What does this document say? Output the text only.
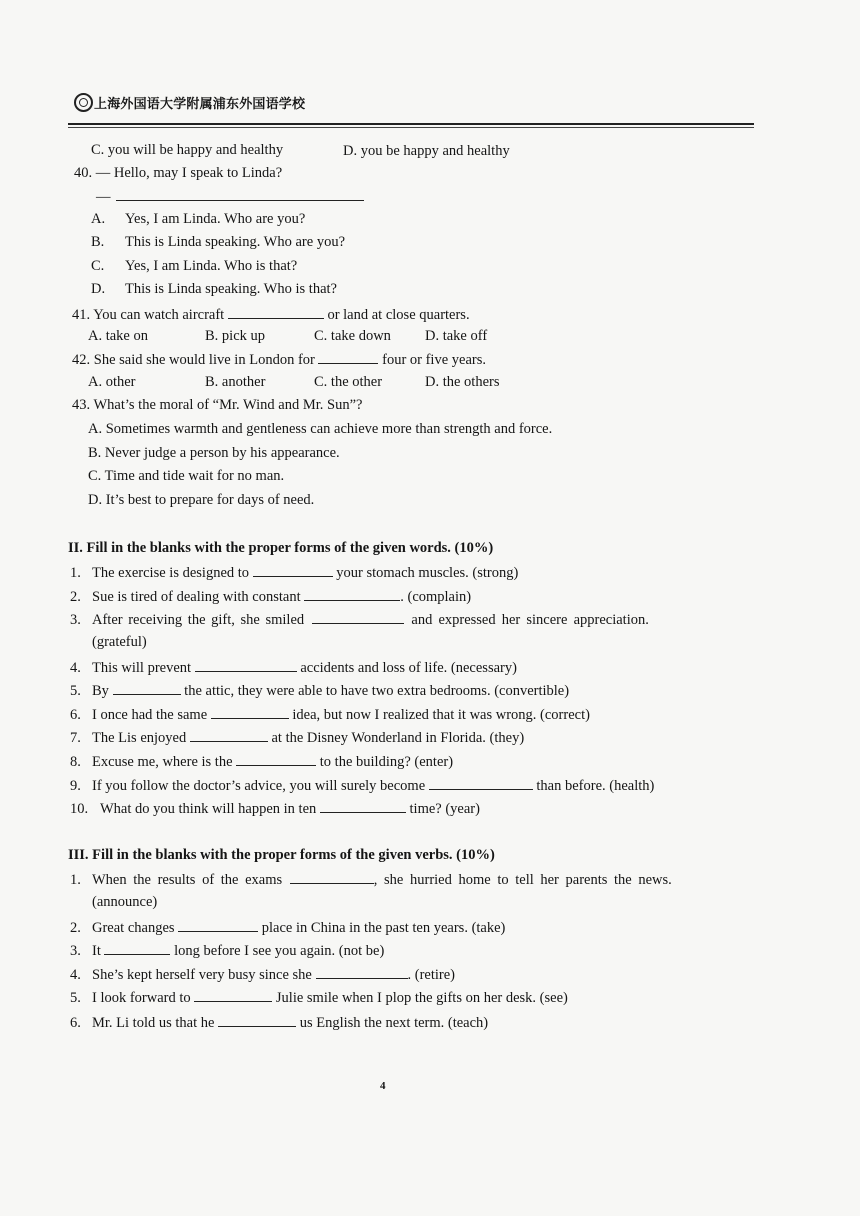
上海外国语大学附属浦东外国语学校
C. you will be happy and healthy	D. you be happy and healthy
40. — Hello, may I speak to Linda?
—
A. Yes, I am Linda. Who are you?
B. This is Linda speaking. Who are you?
C. Yes, I am Linda. Who is that?
D. This is Linda speaking. Who is that?
41. You can watch aircraft	or land at close quarters.
A. take on	B. pick up	C. take down D. take off
42. She said she would live in London for	four or five years.
A. other	B. another	C. the other	D. the others
43. What’s the moral of “Mr. Wind and Mr. Sun”?
A. Sometimes warmth and gentleness can achieve more than strength and force.
B. Never judge a person by his appearance.
C. Time and tide wait for no man.
D. It’s best to prepare for days of need.
II. Fill in the blanks with the proper forms of the given words. (10%)
1. The exercise is designed to	your stomach muscles. (strong)
2. Sue is tired of dealing with constant	. (complain)
3. After receiving the gift, she smiled	and expressed her sincere appreciation.
(grateful)
4. This will prevent	accidents and loss of life. (necessary)
5. By	the attic, they were able to have two extra bedrooms. (convertible)
6. I once had the same	idea, but now I realized that it was wrong. (correct)
7. The Lis enjoyed	at the Disney Wonderland in Florida. (they)
8. Excuse me, where is the	to the building? (enter)
9. If you follow the doctor’s advice, you will surely become	than before. (health)
10. What do you think will happen in ten	time? (year)
III. Fill in the blanks with the proper forms of the given verbs. (10%)
1. When the results of the exams	, she hurried home to tell her parents the news.
(announce)
2. Great changes	place in China in the past ten years. (take)
3. It	long before I see you again. (not be)
4. She’s kept herself very busy since she	. (retire)
5. I look forward to	Julie smile when I plop the gifts on her desk. (see)
6. Mr. Li told us that he	us English the next term. (teach)
4
